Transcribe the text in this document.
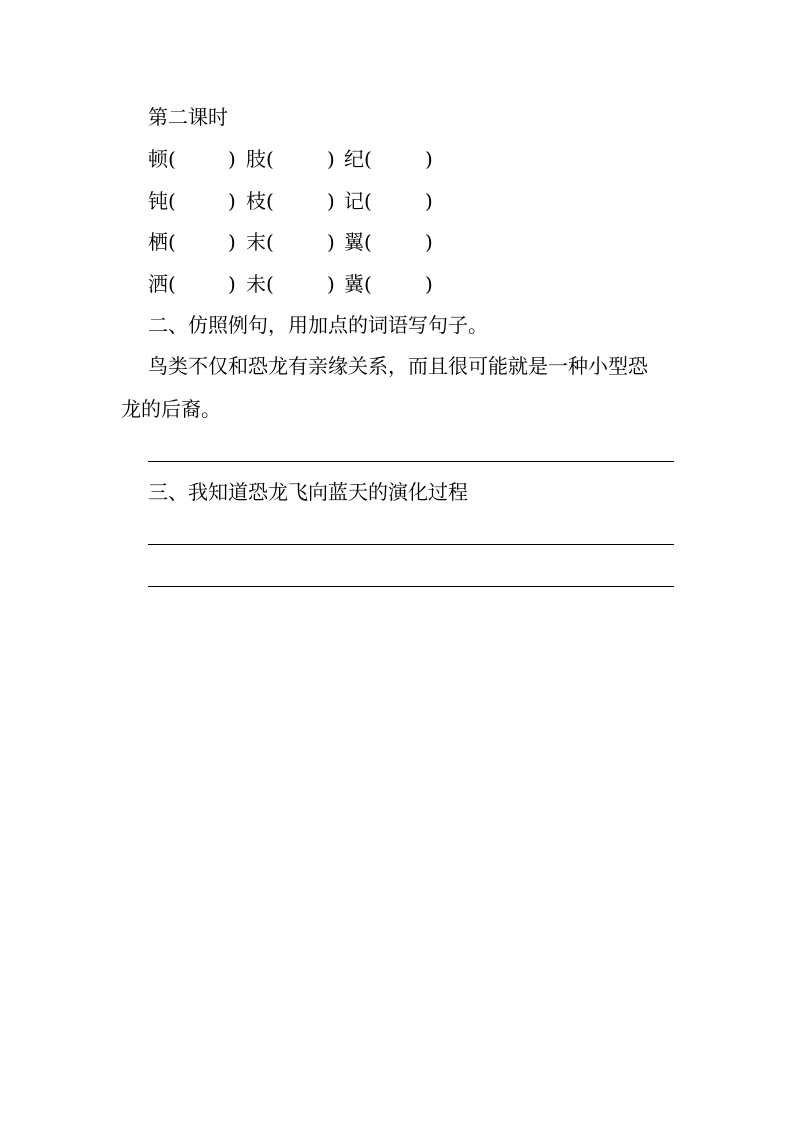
第二课时
顿 (	) 肢 (	) 纪 (	)
钝 (	) 枝 (	) 记 (	)
栖 (	) 末 (	) 翼 (	)
洒 (	) 未 (	) 冀 (	)
二、仿照例句，用加点的词语写句子。
鸟类不仅和恐龙有亲缘关系，而且很可能就是一种小型恐
龙的后裔。
三、我知道恐龙飞向蓝天的演化过程
